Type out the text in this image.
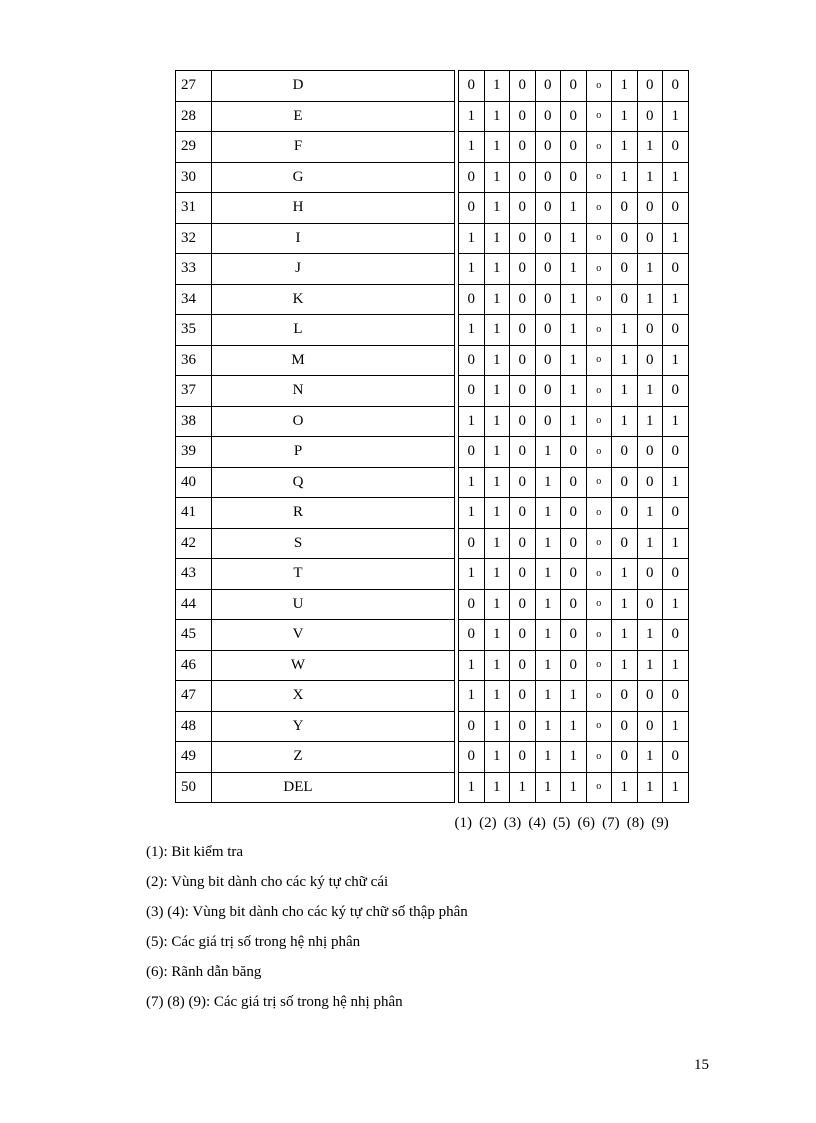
27	D		0	1	0	0	0	o	1	0	0
28	E		1	1	0	0	0	o	1	0	1
29	F		1	1	0	0	0	o	1	1	0
30	G		0	1	0	0	0	o	1	1	1
31	H		0	1	0	0	1	o	0	0	0
32	I		1	1	0	0	1	o	0	0	1
33	J		1	1	0	0	1	o	0	1	0
34	K		0	1	0	0	1	o	0	1	1
35	L		1	1	0	0	1	o	1	0	0
36	M		0	1	0	0	1	o	1	0	1
37	N		0	1	0	0	1	o	1	1	0
38	O		1	1	0	0	1	o	1	1	1
39	P		0	1	0	1	0	o	0	0	0
40	Q		1	1	0	1	0	o	0	0	1
41	R		1	1	0	1	0	o	0	1	0
42	S		0	1	0	1	0	o	0	1	1
43	T		1	1	0	1	0	o	1	0	0
44	U		0	1	0	1	0	o	1	0	1
45	V		0	1	0	1	0	o	1	1	0
46	W		1	1	0	1	0	o	1	1	1
47	X		1	1	0	1	1	o	0	0	0
48	Y		0	1	0	1	1	o	0	0	1
49	Z		0	1	0	1	1	o	0	1	0
50	DEL		1	1	1	1	1	o	1	1	1
(1) (2) (3) (4) (5) (6) (7) (8) (9)
(1): Bit kiểm tra
(2): Vùng bit dành cho các ký tự chữ cái
(3) (4): Vùng bit dành cho các ký tự chữ số thập phân
(5): Các giá trị số trong hệ nhị phân
(6): Rãnh dẫn băng
(7) (8) (9): Các giá trị số trong hệ nhị phân
15
